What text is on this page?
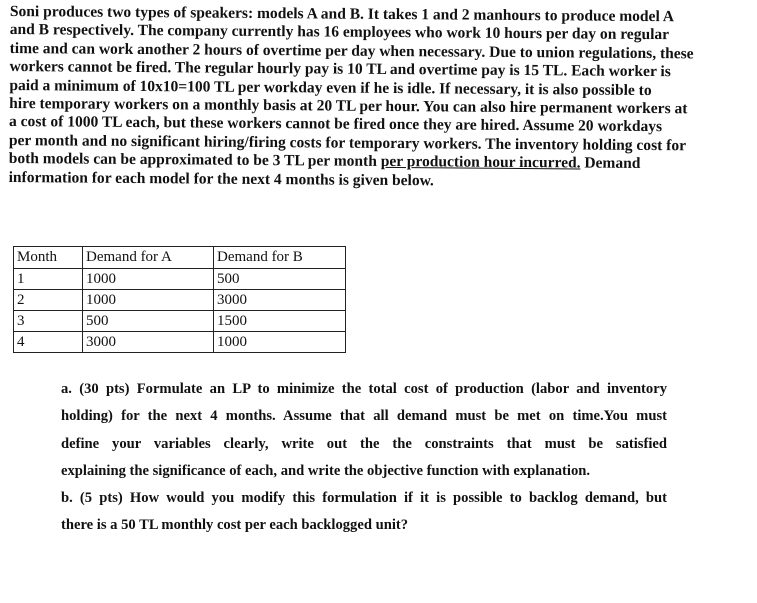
Soni produces two types of speakers: models A and B. It takes 1 and 2 manhours to produce model A
and B respectively. The company currently has 16 employees who work 10 hours per day on regular
time and can work another 2 hours of overtime per day when necessary. Due to union regulations, these
workers cannot be fired. The regular hourly pay is 10 TL and overtime pay is 15 TL. Each worker is
paid a minimum of 10x10=100 TL per workday even if he is idle. If necessary, it is also possible to
hire temporary workers on a monthly basis at 20 TL per hour. You can also hire permanent workers at
a cost of 1000 TL each, but these workers cannot be fired once they are hired. Assume 20 workdays
per month and no significant hiring/firing costs for temporary workers. The inventory holding cost for
both models can be approximated to be 3 TL per month per production hour incurred. Demand
information for each model for the next 4 months is given below.
Month	Demand for A	Demand for B
1	1000	500
2	1000	3000
3	500	1500
4	3000	1000
a. (30 pts) Formulate an LP to minimize the total cost of production (labor and inventory
holding) for the next 4 months. Assume that all demand must be met on time.You must
define your variables clearly, write out the the constraints that must be satisfied
explaining the significance of each, and write the objective function with explanation.
b. (5 pts) How would you modify this formulation if it is possible to backlog demand, but
there is a 50 TL monthly cost per each backlogged unit?
